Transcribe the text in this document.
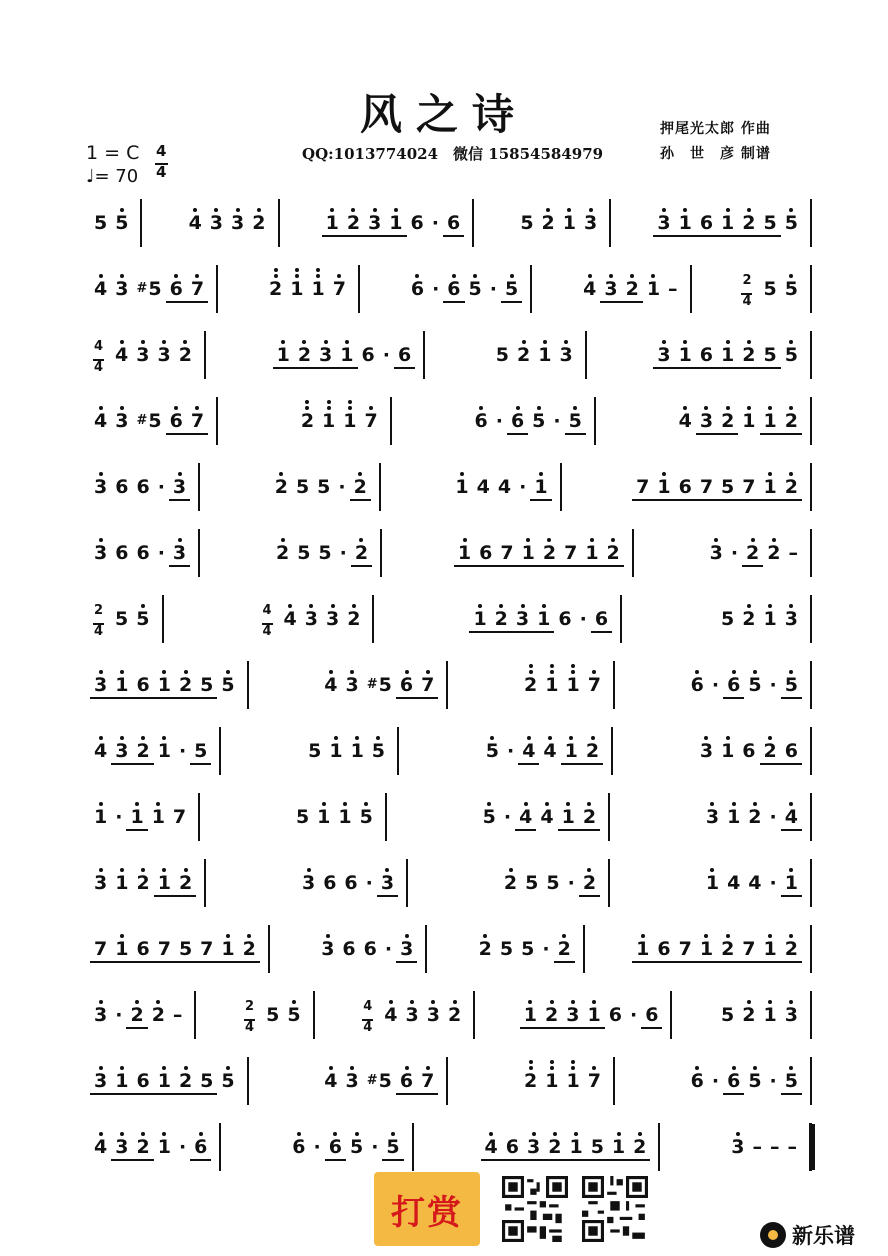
风之诗
QQ:1013774024　微信 15854584979
押尾光太郎 作曲
孙　世　彦 制谱
1 = C 4
4
♩= 70
5 5	4 3 3 2	1 2 3 1 6 · 6	5 2 1 3	3 1 6 1 2 5 5
4 3 #5 6 7	2 1 1 7	6 · 6 5 · 5	4 3 2 1 –	$\frac{2}{4} 5$ 5
$\frac{4}{4} 4$ 3 3 2	1 2 3 1 6 · 6	5 2 1 3	3 1 6 1 2 5 5
4 3 #5 6 7	2 1 1 7	6 · 6 5 · 5	4 3 2 1 1 2
3 6 6 · 3	2 5 5 · 2	1 4 4 · 1	7 1 6 7 5 7 1 2
3 6 6 · 3	2 5 5 · 2	1 6 7 1 2 7 1 2	3 · 2 2 –
$\frac{2}{4} 5$ 5	$\frac{4}{4} 4$ 3 3 2	1 2 3 1 6 · 6	5 2 1 3
3 1 6 1 2 5 5	4 3 #5 6 7	2 1 1 7	6 · 6 5 · 5
4 3 2 1 · 5	5 1 1 5	5 · 4 4 1 2	3 1 6 2 6
1 · 1 1 7	5 1 1 5	5 · 4 4 1 2	3 1 2 · 4
3 1 2 1 2	3 6 6 · 3	2 5 5 · 2	1 4 4 · 1
7 1 6 7 5 7 1 2	3 6 6 · 3	2 5 5 · 2	1 6 7 1 2 7 1 2
3 · 2 2 –	$\frac{2}{4} 5$ 5	$\frac{4}{4} 4$ 3 3 2	1 2 3 1 6 · 6	5 2 1 3
3 1 6 1 2 5 5	4 3 #5 6 7	2 1 1 7	6 · 6 5 · 5
4 3 2 1 · 6	6 · 6 5 · 5	4 6 3 2 1 5 1 2	3 – – –
打赏
新乐谱
